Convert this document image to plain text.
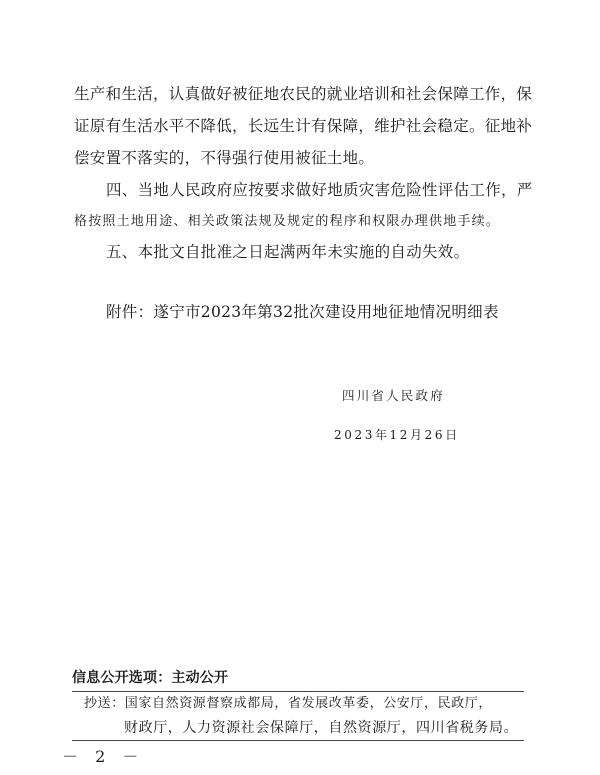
生产和生活，认真做好被征地农民的就业培训和社会保障工作，保
证原有生活水平不降低，长远生计有保障，维护社会稳定。征地补
偿安置不落实的，不得强行使用被征土地。
四、当地人民政府应按要求做好地质灾害危险性评估工作，严
格按照土地用途、相关政策法规及规定的程序和权限办理供地手续。
五、本批文自批准之日起满两年未实施的自动失效。
附件：遂宁市2023年第32批次建设用地征地情况明细表
四川省人民政府
2023年12月26日
信息公开选项：主动公开
抄送：国家自然资源督察成都局，省发展改革委，公安厅，民政厅，
财政厅，人力资源社会保障厅，自然资源厅，四川省税务局。
－ 2 －
